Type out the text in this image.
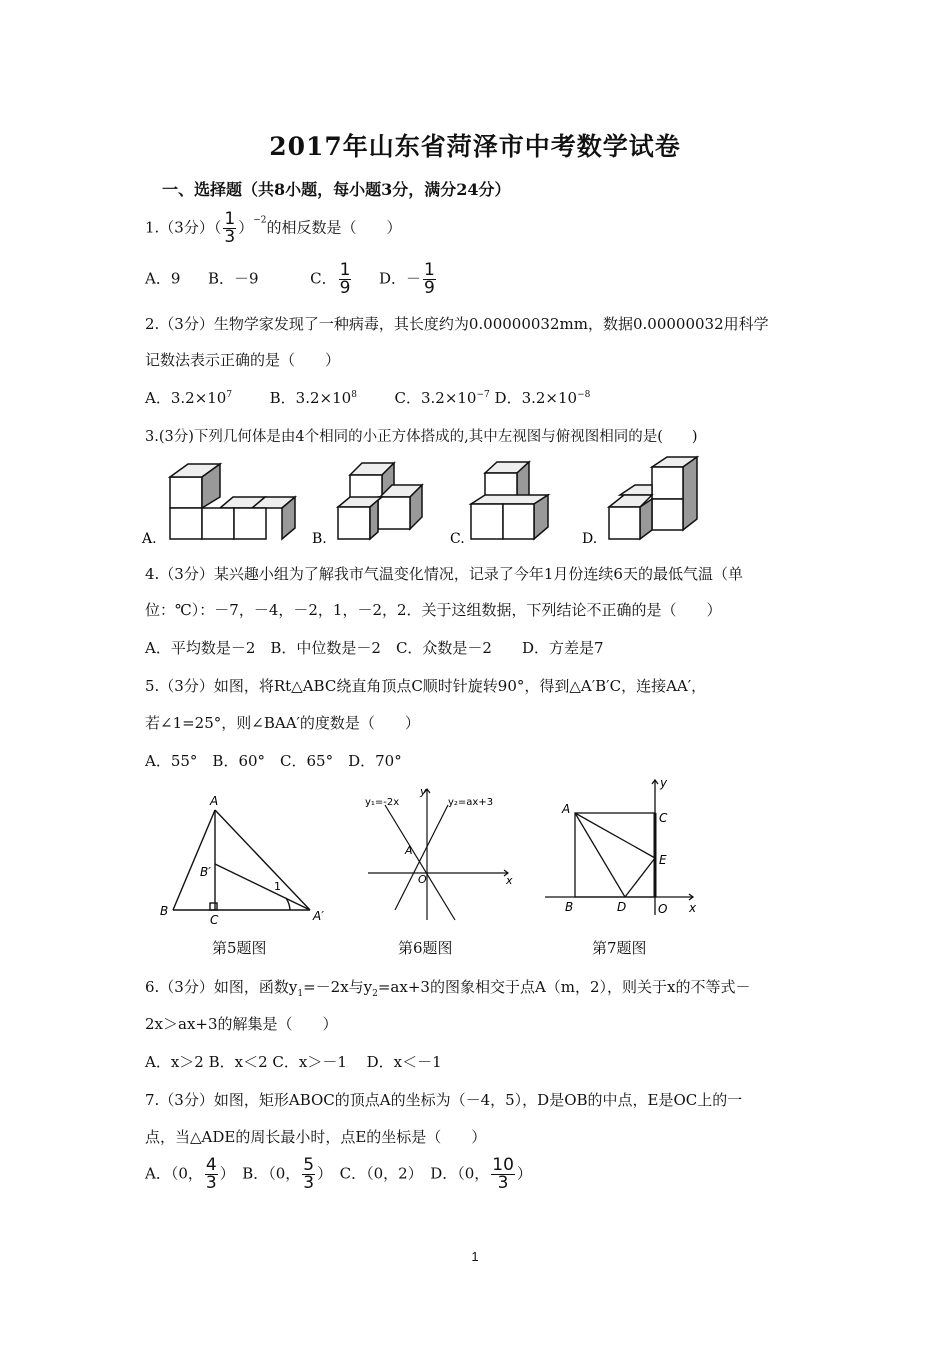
2017年山东省菏泽市中考数学试卷
一、选择题（共8小题，每小题3分，满分24分）
1.（3分）（ $\frac{1}{3} )^{-2}$的相反数是（　　）
A．9 B．－9	C． $\frac{1}{9}$ D．－ $\frac{1}{9}$
2.（3分）生物学家发现了一种病毒，其长度约为0.00000032mm，数据0.00000032用科学
记数法表示正确的是（　　）
A．$3.2\times 10^7$	B．$3.2\times 10^8$	C．$3.2\times 10^{-7}$ D．$3.2\times 10^{-8}$
3.(3分)下列几何体是由4个相同的小正方体搭成的,其中左视图与俯视图相同的是(　　)
A.	B.	C.	D.
4.（3分）某兴趣小组为了解我市气温变化情况，记录了今年1月份连续6天的最低气温（单
位：℃）：－7，－4，－2，1，－2，2．关于这组数据，下列结论不正确的是（　　）
A．平均数是－2　B．中位数是－2　C．众数是－2　　D．方差是7
5.（3分）如图，将Rt△ABC绕直角顶点C顺时针旋转90°，得到△A′B′C，连接AA′，
若∠1=25°，则∠BAA′的度数是（　　）
A．55°　B．60°　C．65°　D．70°
A
B
C
B′
A′
1
第5题图
y₁=-2x	y₂=ax+3
y
x
O
A
第6题图
A
B
C
D
E
O x
y
第7题图
6.（3分）如图，函数$y_1=-2x$与$y_2=ax+3$的图象相交于点A（m，2），则关于x的不等式－
2x＞ax+3的解集是（　　）
A．x＞2 B．x＜2 C．x＞－1　 D．x＜－1
7.（3分）如图，矩形ABOC的顶点A的坐标为（－4，5），D是OB的中点，E是OC上的一
点，当△ADE的周长最小时，点E的坐标是（　　）
A．（0， $\frac{4}{3}$ ）　B．（0， $\frac{5}{3}$ ）　C．（0，2）　D．（0， $\frac{10}{3}$ ）
1
